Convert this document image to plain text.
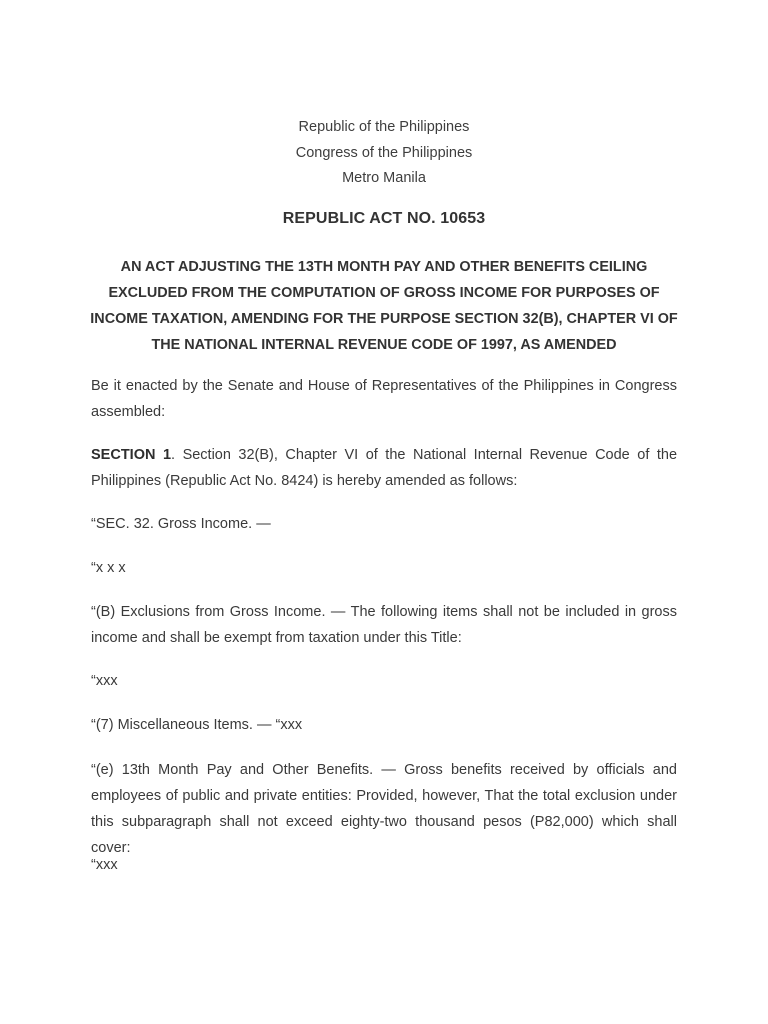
Republic of the Philippines
Congress of the Philippines
Metro Manila
REPUBLIC ACT NO. 10653
AN ACT ADJUSTING THE 13TH MONTH PAY AND OTHER BENEFITS CEILING EXCLUDED FROM THE COMPUTATION OF GROSS INCOME FOR PURPOSES OF INCOME TAXATION, AMENDING FOR THE PURPOSE SECTION 32(B), CHAPTER VI OF THE NATIONAL INTERNAL REVENUE CODE OF 1997, AS AMENDED
Be it enacted by the Senate and House of Representatives of the Philippines in Congress assembled:
SECTION 1. Section 32(B), Chapter VI of the National Internal Revenue Code of the Philippines (Republic Act No. 8424) is hereby amended as follows:
“SEC. 32. Gross Income. —
“x x x
“(B) Exclusions from Gross Income. — The following items shall not be included in gross income and shall be exempt from taxation under this Title:
“xxx
“(7) Miscellaneous Items. — “xxx
“(e) 13th Month Pay and Other Benefits. — Gross benefits received by officials and employees of public and private entities: Provided, however, That the total exclusion under this subparagraph shall not exceed eighty-two thousand pesos (P82,000) which shall cover:
“xxx
